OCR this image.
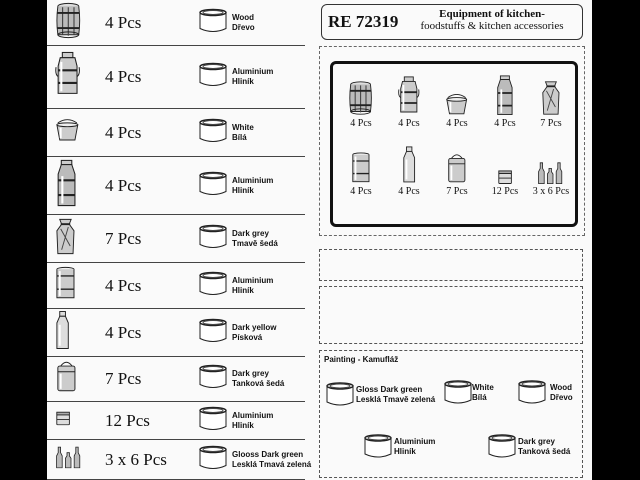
4 Pcs	Wood
Dřevo
4 Pcs	Aluminium
Hliník
4 Pcs	White
Bílá
4 Pcs	Aluminium
Hliník
7 Pcs	Dark grey
Tmavě šedá
4 Pcs	Aluminium
Hliník
4 Pcs	Dark yellow
Písková
7 Pcs	Dark grey
Tanková šedá
12 Pcs	Aluminium
Hliník
3 x 6 Pcs	Glooss Dark green
Lesklá Tmavá zelená
RE 72319	Equipment of kitchen-
foodstuffs & kitchen accessories
4 Pcs	4 Pcs	4 Pcs	4 Pcs	7 Pcs
4 Pcs	4 Pcs	7 Pcs	12 Pcs	3 x 6 Pcs
Painting - Kamufláž
Gloss Dark green
Lesklá Tmavě zelená
White
Bílá
Wood
Dřevo
Aluminium
Hliník
Dark grey
Tanková šedá
